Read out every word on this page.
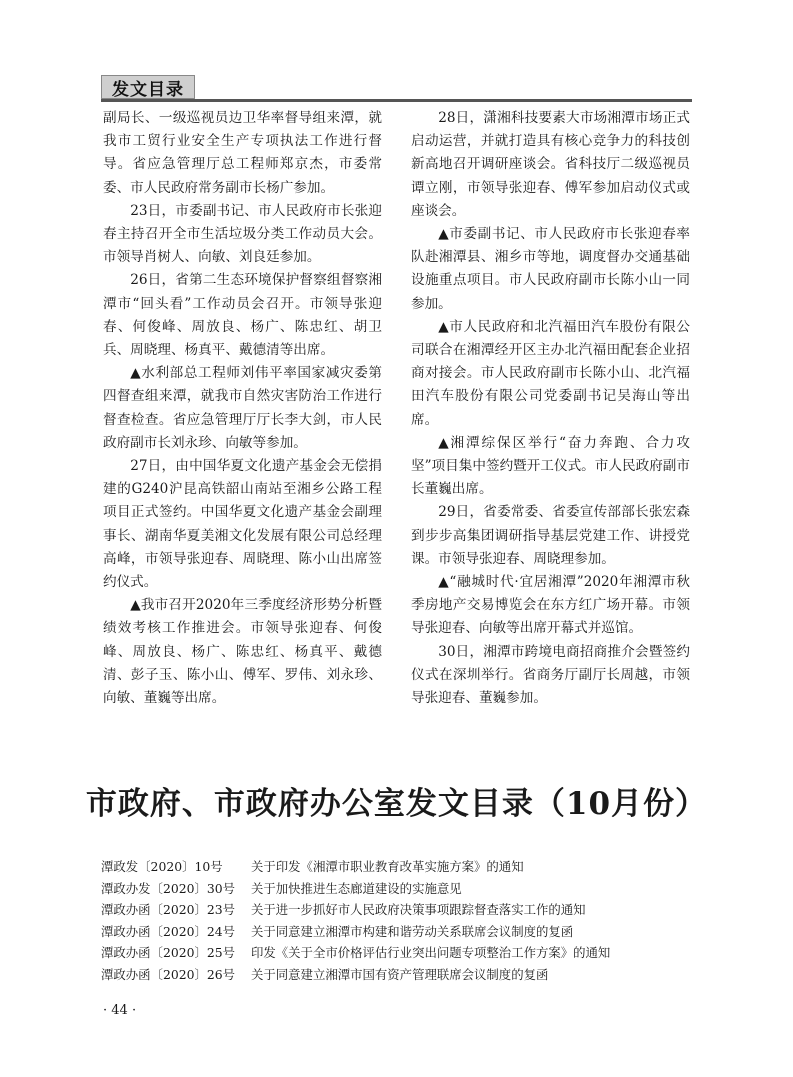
发文目录

副局长、一级巡视员边卫华率督导组来潭，就我市工贸行业安全生产专项执法工作进行督导。省应急管理厅总工程师郑京杰，市委常委、市人民政府常务副市长杨广参加。

23日，市委副书记、市人民政府市长张迎春主持召开全市生活垃圾分类工作动员大会。市领导肖树人、向敏、刘良廷参加。

26日，省第二生态环境保护督察组督察湘潭市“回头看”工作动员会召开。市领导张迎春、何俊峰、周放良、杨广、陈忠红、胡卫兵、周晓理、杨真平、戴德清等出席。

▲水利部总工程师刘伟平率国家减灾委第四督查组来潭，就我市自然灾害防治工作进行督查检查。省应急管理厅厅长李大剑，市人民政府副市长刘永珍、向敏等参加。

27日，由中国华夏文化遗产基金会无偿捐建的G240沪昆高铁韶山南站至湘乡公路工程项目正式签约。中国华夏文化遗产基金会副理事长、湖南华夏美湘文化发展有限公司总经理高峰，市领导张迎春、周晓理、陈小山出席签约仪式。

▲我市召开2020年三季度经济形势分析暨绩效考核工作推进会。市领导张迎春、何俊峰、周放良、杨广、陈忠红、杨真平、戴德清、彭子玉、陈小山、傅军、罗伟、刘永珍、向敏、董巍等出席。

28日，潇湘科技要素大市场湘潭市场正式启动运营，并就打造具有核心竞争力的科技创新高地召开调研座谈会。省科技厅二级巡视员谭立刚，市领导张迎春、傅军参加启动仪式或座谈会。

▲市委副书记、市人民政府市长张迎春率队赴湘潭县、湘乡市等地，调度督办交通基础设施重点项目。市人民政府副市长陈小山一同参加。

▲市人民政府和北汽福田汽车股份有限公司联合在湘潭经开区主办北汽福田配套企业招商对接会。市人民政府副市长陈小山、北汽福田汽车股份有限公司党委副书记吴海山等出席。

▲湘潭综保区举行“奋力奔跑、合力攻坚”项目集中签约暨开工仪式。市人民政府副市长董巍出席。

29日，省委常委、省委宣传部部长张宏森到步步高集团调研指导基层党建工作、讲授党课。市领导张迎春、周晓理参加。

▲“融城时代·宜居湘潭”2020年湘潭市秋季房地产交易博览会在东方红广场开幕。市领导张迎春、向敏等出席开幕式并巡馆。

30日，湘潭市跨境电商招商推介会暨签约仪式在深圳举行。省商务厅副厅长周越，市领导张迎春、董巍参加。

市政府、市政府办公室发文目录（10月份）
潭政发〔2020〕10号	关于印发《湘潭市职业教育改革实施方案》的通知
潭政办发〔2020〕30号	关于加快推进生态廊道建设的实施意见
潭政办函〔2020〕23号	关于进一步抓好市人民政府决策事项跟踪督查落实工作的通知
潭政办函〔2020〕24号	关于同意建立湘潭市构建和谐劳动关系联席会议制度的复函
潭政办函〔2020〕25号	印发《关于全市价格评估行业突出问题专项整治工作方案》的通知
潭政办函〔2020〕26号	关于同意建立湘潭市国有资产管理联席会议制度的复函
· 44 ·
